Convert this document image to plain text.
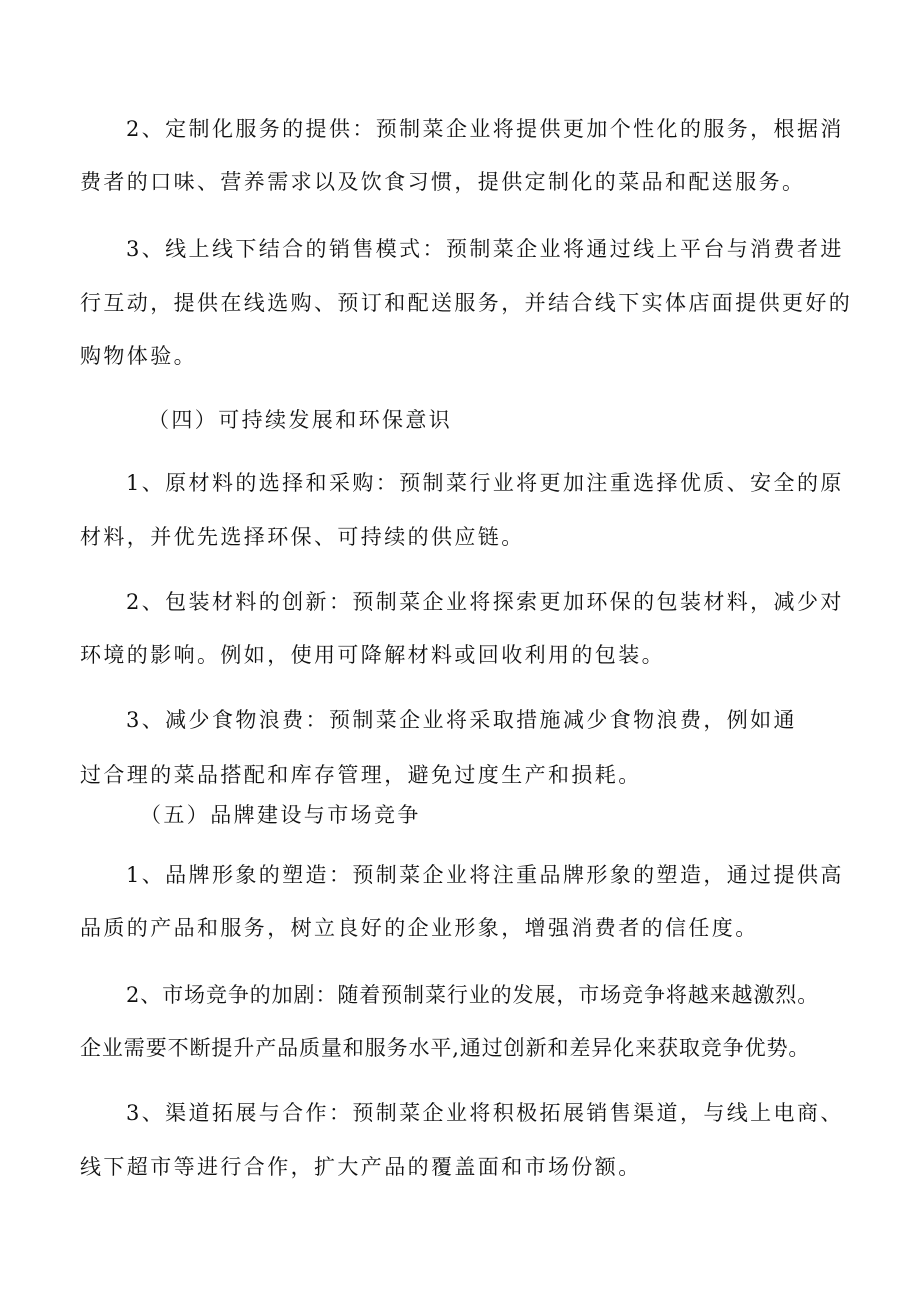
2、定制化服务的提供：预制菜企业将提供更加个性化的服务，根据消
费者的口味、营养需求以及饮食习惯，提供定制化的菜品和配送服务。
3、线上线下结合的销售模式：预制菜企业将通过线上平台与消费者进
行互动，提供在线选购、预订和配送服务，并结合线下实体店面提供更好的
购物体验。
（四）可持续发展和环保意识
1、原材料的选择和采购：预制菜行业将更加注重选择优质、安全的原
材料，并优先选择环保、可持续的供应链。
2、包装材料的创新：预制菜企业将探索更加环保的包装材料，减少对
环境的影响。例如，使用可降解材料或回收利用的包装。
3、减少食物浪费：预制菜企业将采取措施减少食物浪费，例如通
过合理的菜品搭配和库存管理，避免过度生产和损耗。
（五）品牌建设与市场竞争
1、品牌形象的塑造：预制菜企业将注重品牌形象的塑造，通过提供高
品质的产品和服务，树立良好的企业形象，增强消费者的信任度。
2、市场竞争的加剧：随着预制菜行业的发展，市场竞争将越来越激烈。
企业需要不断提升产品质量和服务水平,通过创新和差异化来获取竞争优势。
3、渠道拓展与合作：预制菜企业将积极拓展销售渠道，与线上电商、
线下超市等进行合作，扩大产品的覆盖面和市场份额。
